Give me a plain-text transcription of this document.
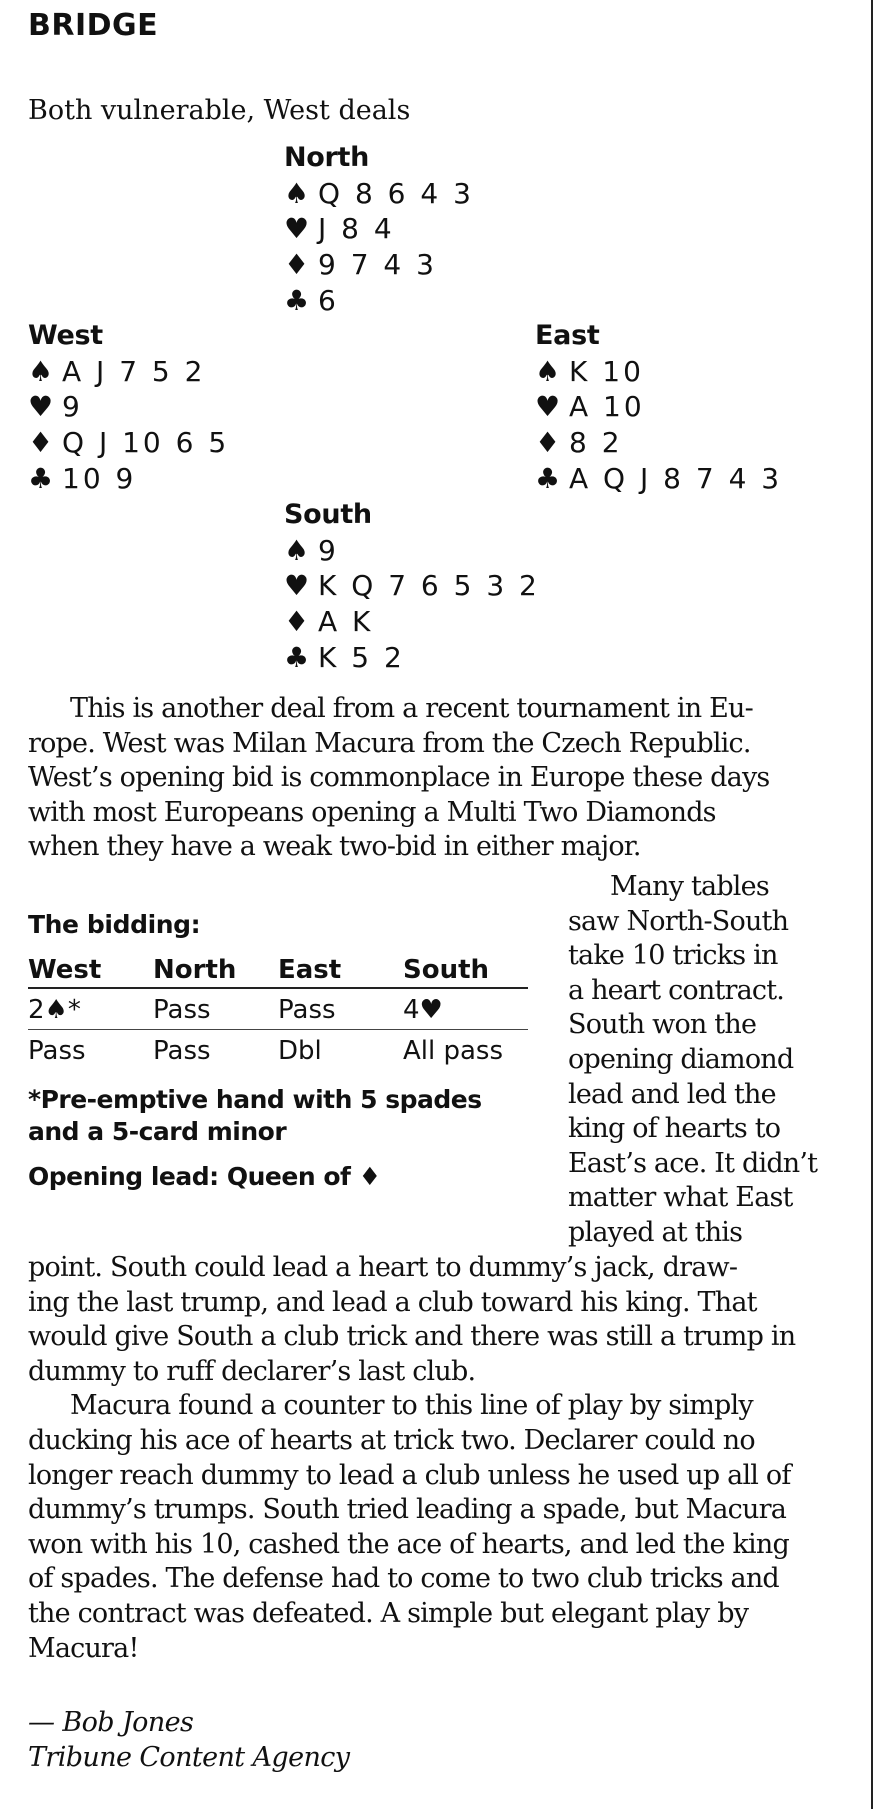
BRIDGE
Both vulnerable, West deals
North
♠ Q 8 6 4 3
♥ J 8 4
♦ 9 7 4 3
♣ 6
West
♠ A J 7 5 2
♥ 9
♦ Q J 10 6 5
♣ 10 9
East
♠ K 10
♥ A 10
♦ 8 2
♣ A Q J 8 7 4 3
South
♠ 9
♥ K Q 7 6 5 3 2
♦ A K
♣ K 5 2
This is another deal from a recent tournament in Eu-
rope. West was Milan Macura from the Czech Republic.
West’s opening bid is commonplace in Europe these days
with most Europeans opening a Multi Two Diamonds
when they have a weak two-bid in either major.
The bidding:
West	North	East	South
2♠*	Pass	Pass	4♥
Pass	Pass	Dbl	All pass
*Pre-emptive hand with 5 spades
and a 5-card minor
Opening lead: Queen of ♦
Many tables
saw North-South
take 10 tricks in
a heart contract.
South won the
opening diamond
lead and led the
king of hearts to
East’s ace. It didn’t
matter what East
played at this
point. South could lead a heart to dummy’s jack, draw-
ing the last trump, and lead a club toward his king. That
would give South a club trick and there was still a trump in
dummy to ruff declarer’s last club.
Macura found a counter to this line of play by simply
ducking his ace of hearts at trick two. Declarer could no
longer reach dummy to lead a club unless he used up all of
dummy’s trumps. South tried leading a spade, but Macura
won with his 10, cashed the ace of hearts, and led the king
of spades. The defense had to come to two club tricks and
the contract was defeated. A simple but elegant play by
Macura!
— Bob Jones
Tribune Content Agency
